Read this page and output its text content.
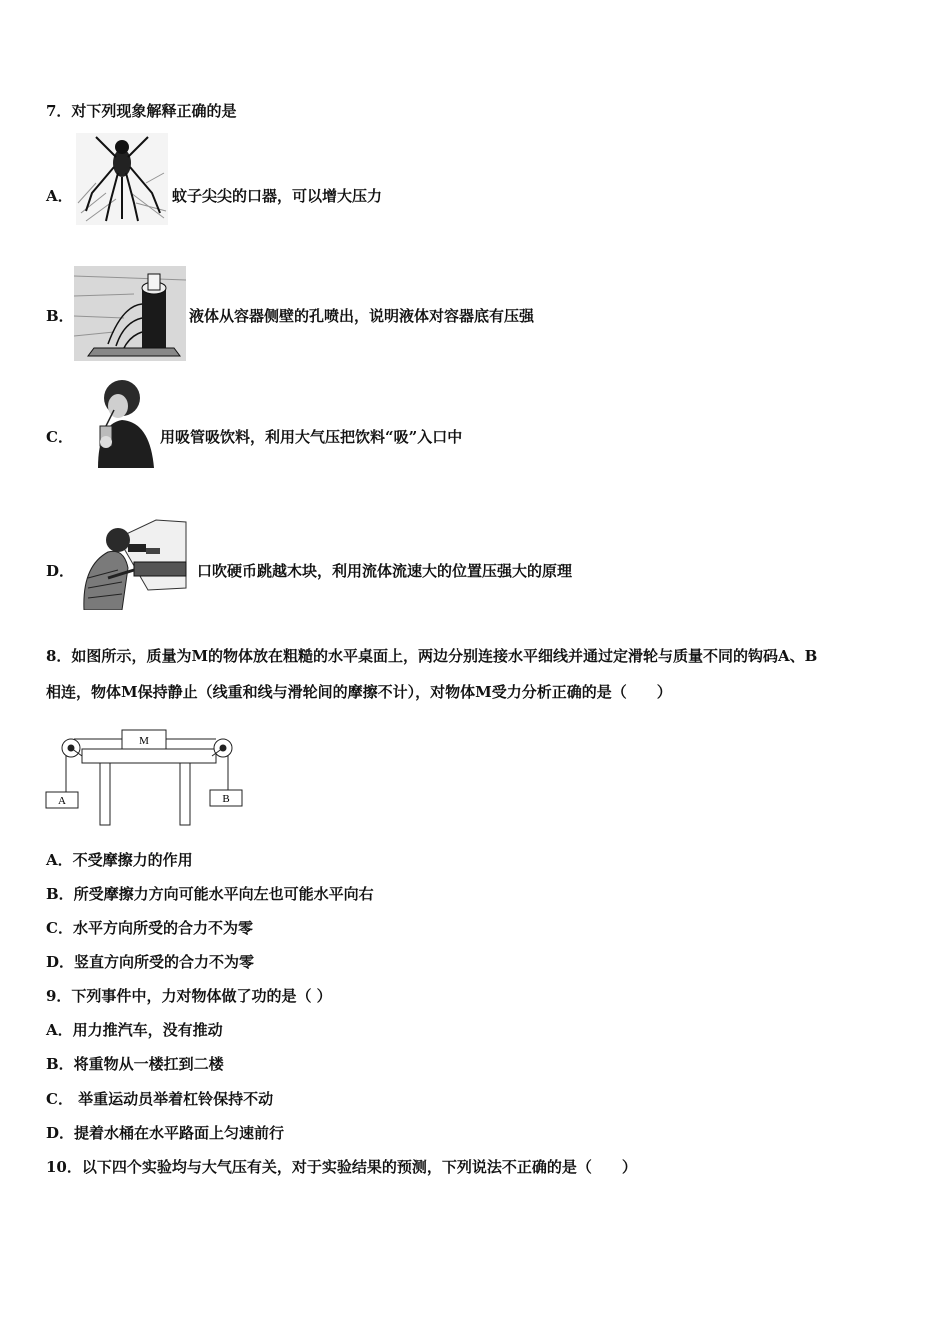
7．对下列现象解释正确的是
A．	蚊子尖尖的口器，可以增大压力
B．	液体从容器侧壁的孔喷出，说明液体对容器底有压强
C．	用吸管吸饮料，利用大气压把饮料“吸”入口中
D．	口吹硬币跳越木块，利用流体流速大的位置压强大的原理
8．如图所示，质量为M的物体放在粗糙的水平桌面上，两边分别连接水平细线并通过定滑轮与质量不同的钩码A、B
相连，物体M保持静止（线重和线与滑轮间的摩擦不计），对物体M受力分析正确的是（　　）
M
A	B
A．不受摩擦力的作用
B．所受摩擦力方向可能水平向左也可能水平向右
C．水平方向所受的合力不为零
D．竖直方向所受的合力不为零
9．下列事件中，力对物体做了功的是（ ）
A．用力推汽车，没有推动
B．将重物从一楼扛到二楼
C． 举重运动员举着杠铃保持不动
D．提着水桶在水平路面上匀速前行
10．以下四个实验均与大气压有关，对于实验结果的预测，下列说法不正确的是（　　）
